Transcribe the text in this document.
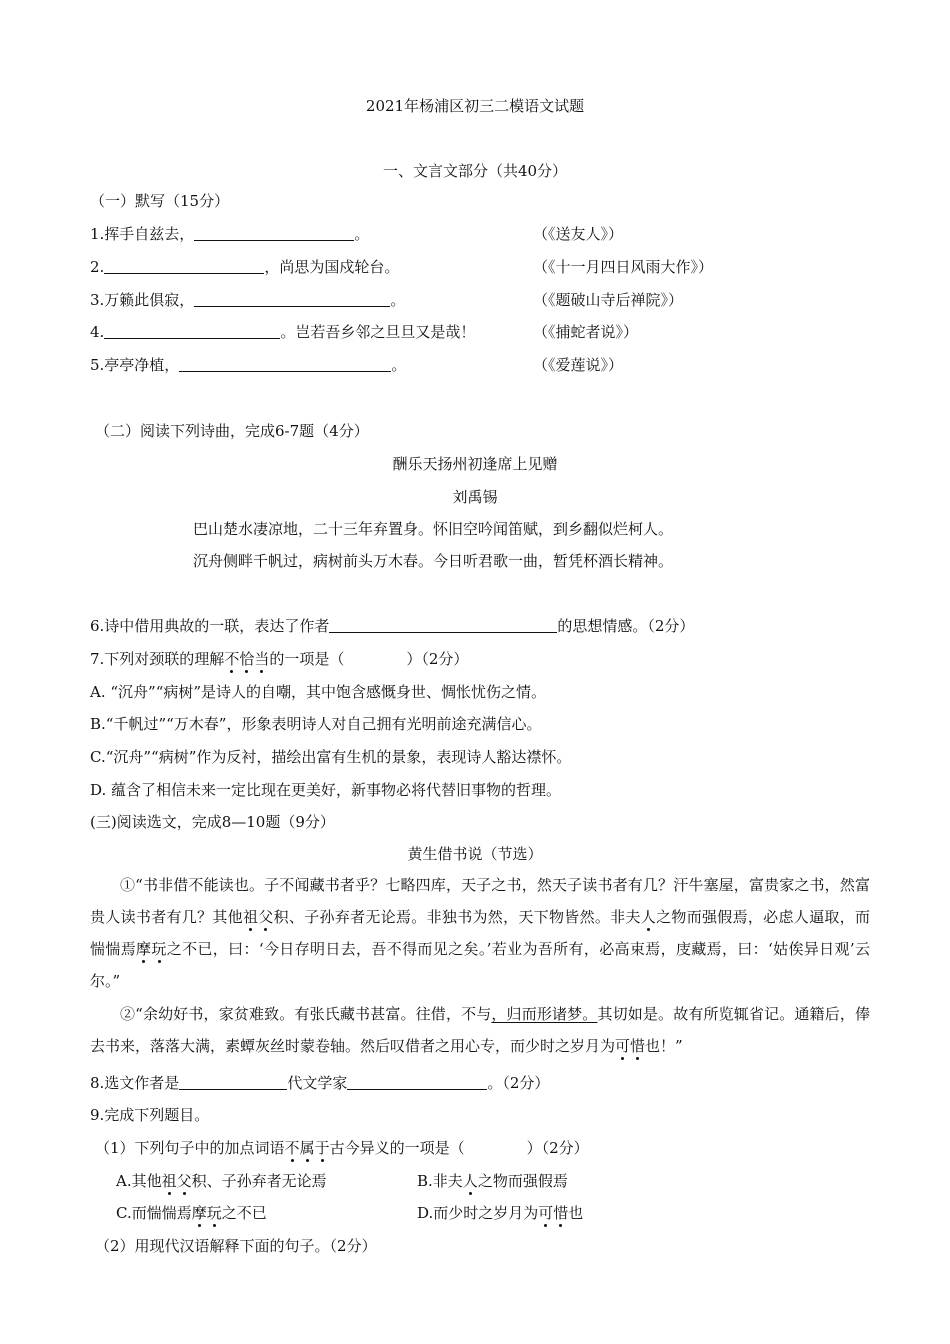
2021年杨浦区初三二模语文试题
一、文言文部分（共40分）
（一）默写（15分）
1.挥手自兹去，	。	（《送友人》）
2.	，尚思为国戍轮台。	（《十一月四日风雨大作》）
3.万籁此俱寂，	。	（《题破山寺后禅院》）
4.	。岂若吾乡邻之旦旦又是哉！	（《捕蛇者说》）
5.亭亭净植，	。	（《爱莲说》）
（二）阅读下列诗曲，完成6-7题（4分）
酬乐天扬州初逢席上见赠
刘禹锡
巴山楚水凄凉地，二十三年弃置身。怀旧空吟闻笛赋，到乡翻似烂柯人。
沉舟侧畔千帆过，病树前头万木春。今日听君歌一曲，暂凭杯酒长精神。
6.诗中借用典故的一联，表达了作者	的思想情感。（2分）
7.下列对颈联的理解不恰当的一项是（	）（2分）
A. “沉舟”“病树”是诗人的自嘲，其中饱含感慨身世、惆怅忧伤之情。
B.“千帆过”“万木春”，形象表明诗人对自己拥有光明前途充满信心。
C.“沉舟”“病树”作为反衬，描绘出富有生机的景象，表现诗人豁达襟怀。
D. 蕴含了相信未来一定比现在更美好，新事物必将代替旧事物的哲理。
(三)阅读选文，完成8—10题（9分）
黄生借书说（节选）
①“书非借不能读也。子不闻藏书者乎？七略四库，天子之书，然天子读书者有几？汗牛塞屋，富贵家之书，然富贵人读书者有几？其他祖父积、子孙弃者无论焉。非独书为然，天下物皆然。非夫人之物而强假焉，必虑人逼取，而惴惴焉摩玩之不已，曰：‘今日存明日去，吾不得而见之矣。’若业为吾所有，必高束焉，庋藏焉，曰：‘姑俟异日观’云尔。”
②“余幼好书，家贫难致。有张氏藏书甚富。往借，不与，归而形诸梦。其切如是。故有所览辄省记。通籍后，俸去书来，落落大满，素蟫灰丝时蒙卷轴。然后叹借者之用心专，而少时之岁月为可惜也！”
8.选文作者是	代文学家	。（2分）
9.完成下列题目。
（1）下列句子中的加点词语不属于古今异义的一项是（	）（2分）
A.其他祖父积、子孙弃者无论焉	B.非夫人之物而强假焉
C.而惴惴焉摩玩之不已	D.而少时之岁月为可惜也
（2）用现代汉语解释下面的句子。（2分）
